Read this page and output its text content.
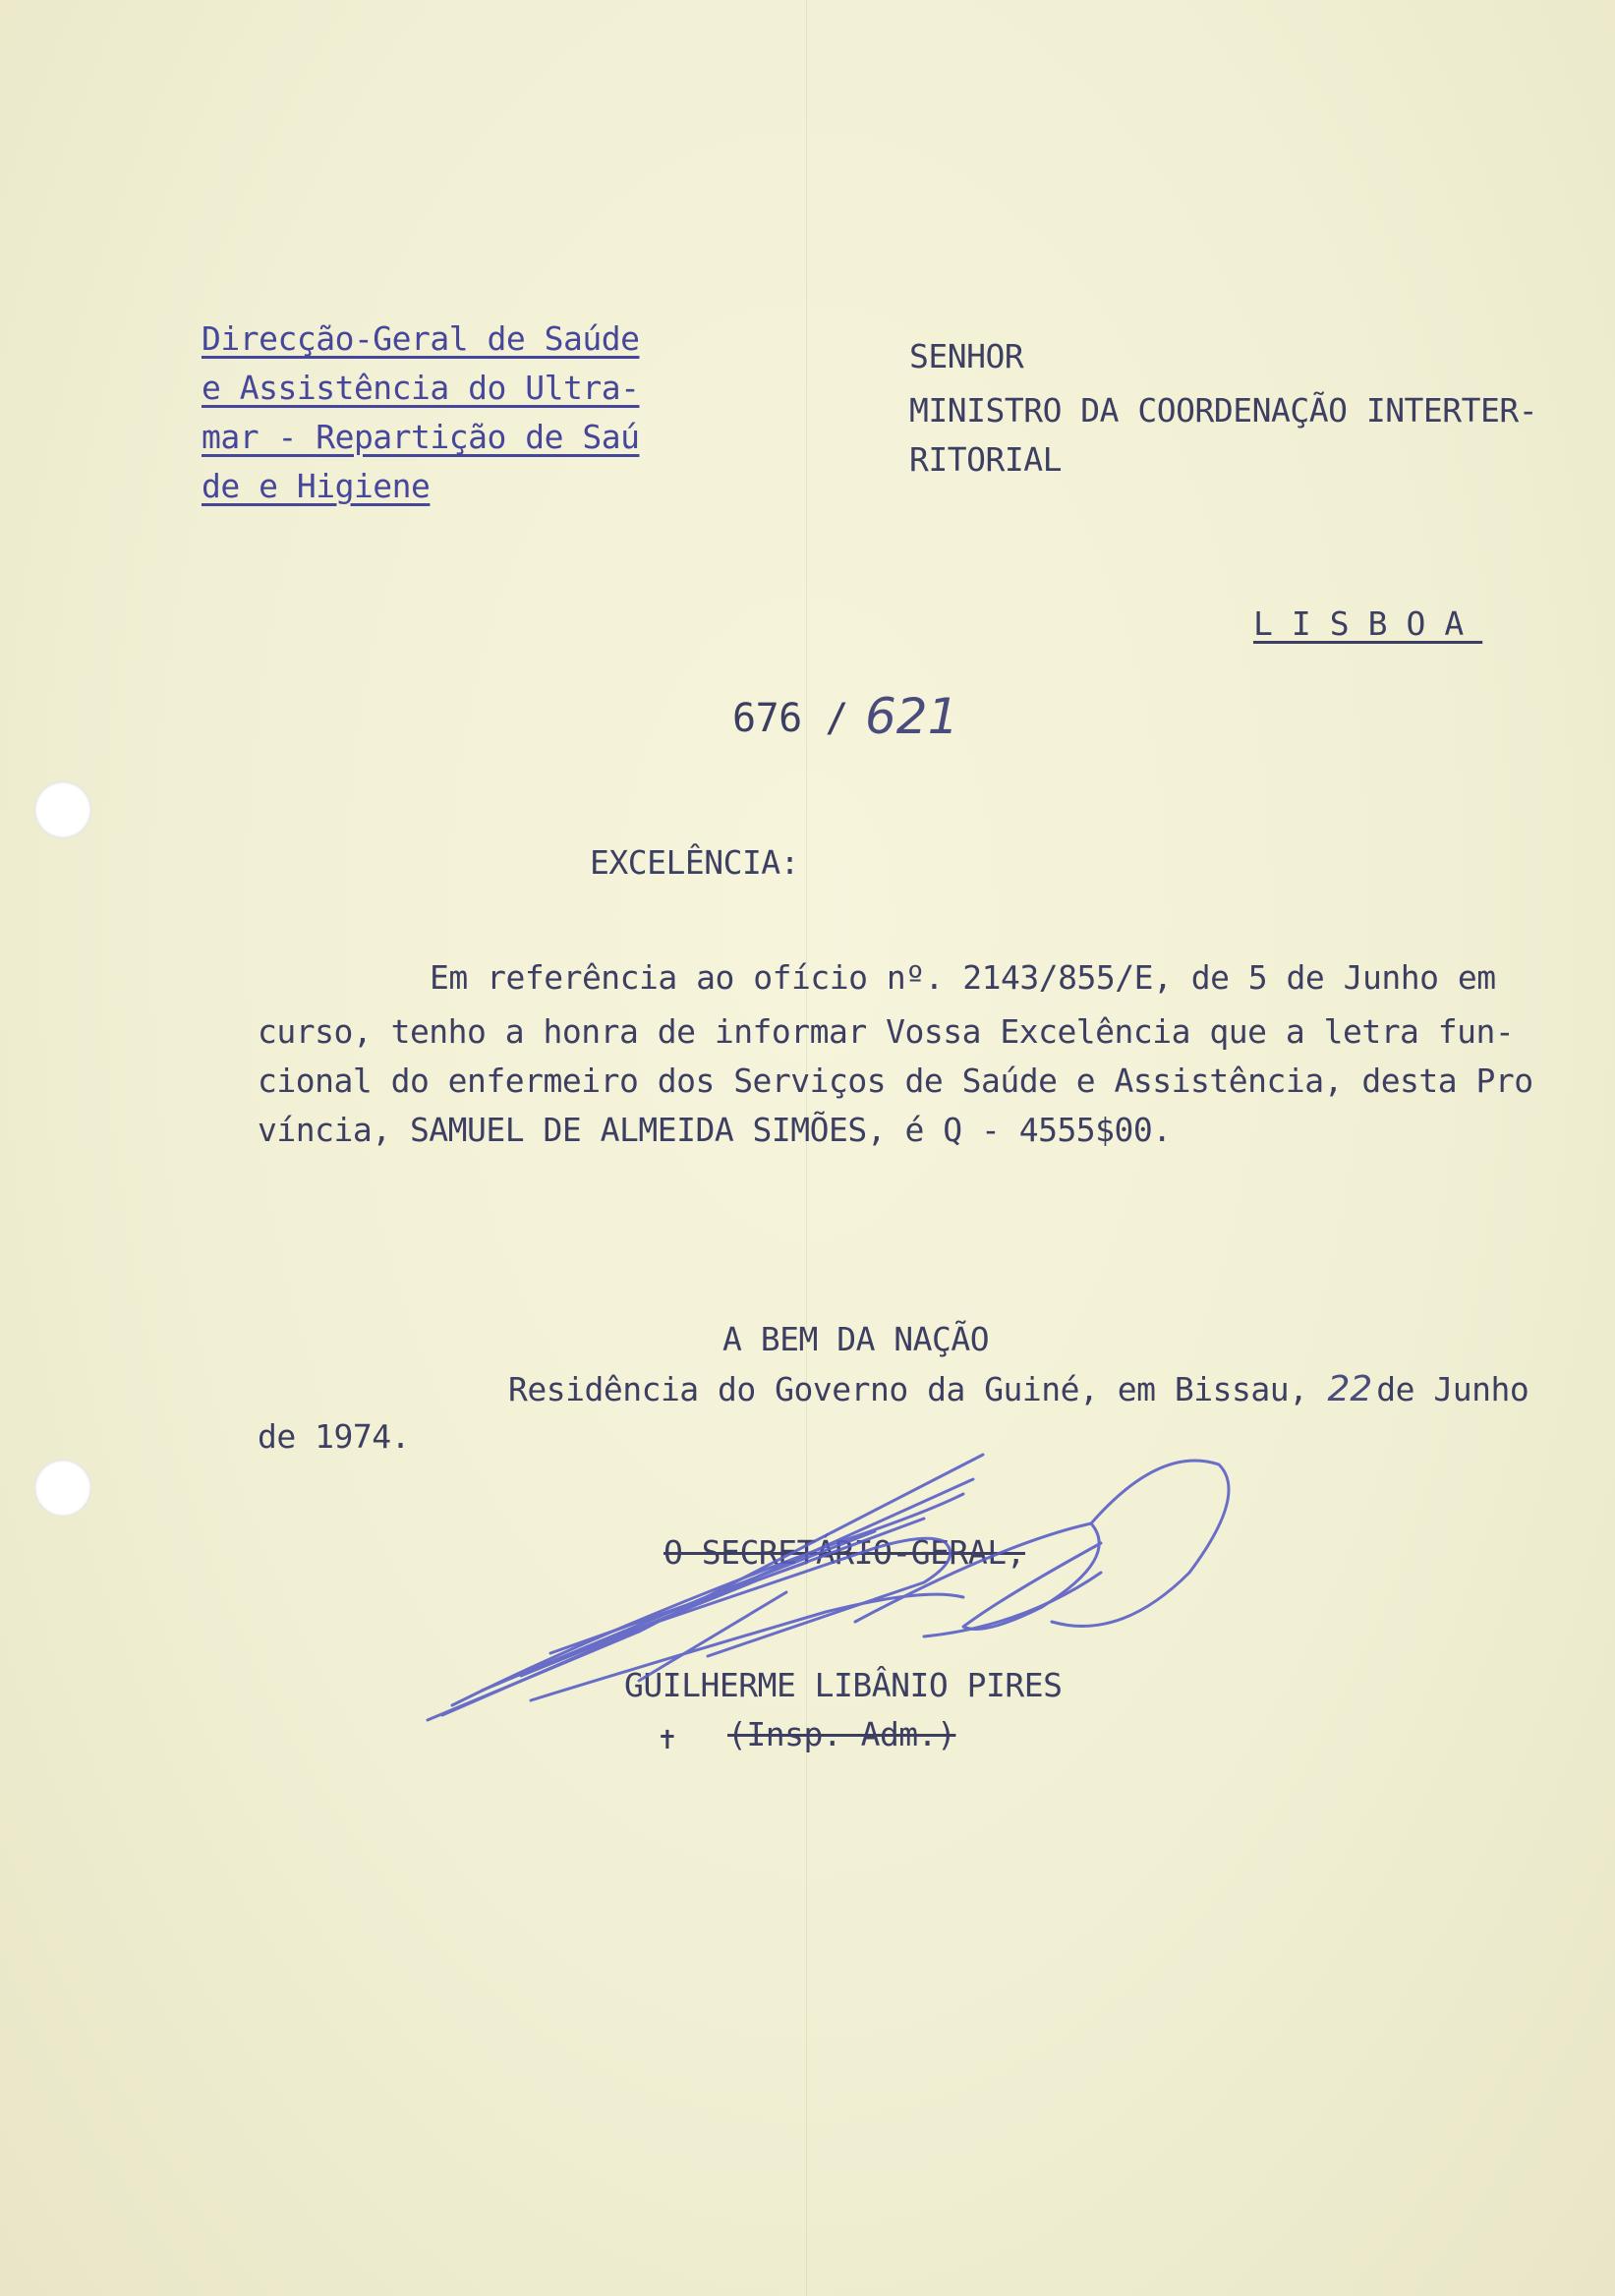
Direcção-Geral de Saúde
e Assistência do Ultra-
mar - Repartição de Saú
de e Higiene
SENHOR
MINISTRO DA COORDENAÇÃO INTERTER-
RITORIAL
LISBOA
676 / 621
EXCELÊNCIA:
Em referência ao ofício nº. 2143/855/E, de 5 de Junho em
curso, tenho a honra de informar Vossa Excelência que a letra fun-
cional do enfermeiro dos Serviços de Saúde e Assistência, desta Pro
víncia, SAMUEL DE ALMEIDA SIMÕES, é Q - 4555$00.
A BEM DA NAÇÃO
Residência do Governo da Guiné, em Bissau, 22 de Junho
de 1974.
O SECRETÁRIO-GERAL,
GUILHERME LIBÂNIO PIRES
(Insp. Adm.)
✝
